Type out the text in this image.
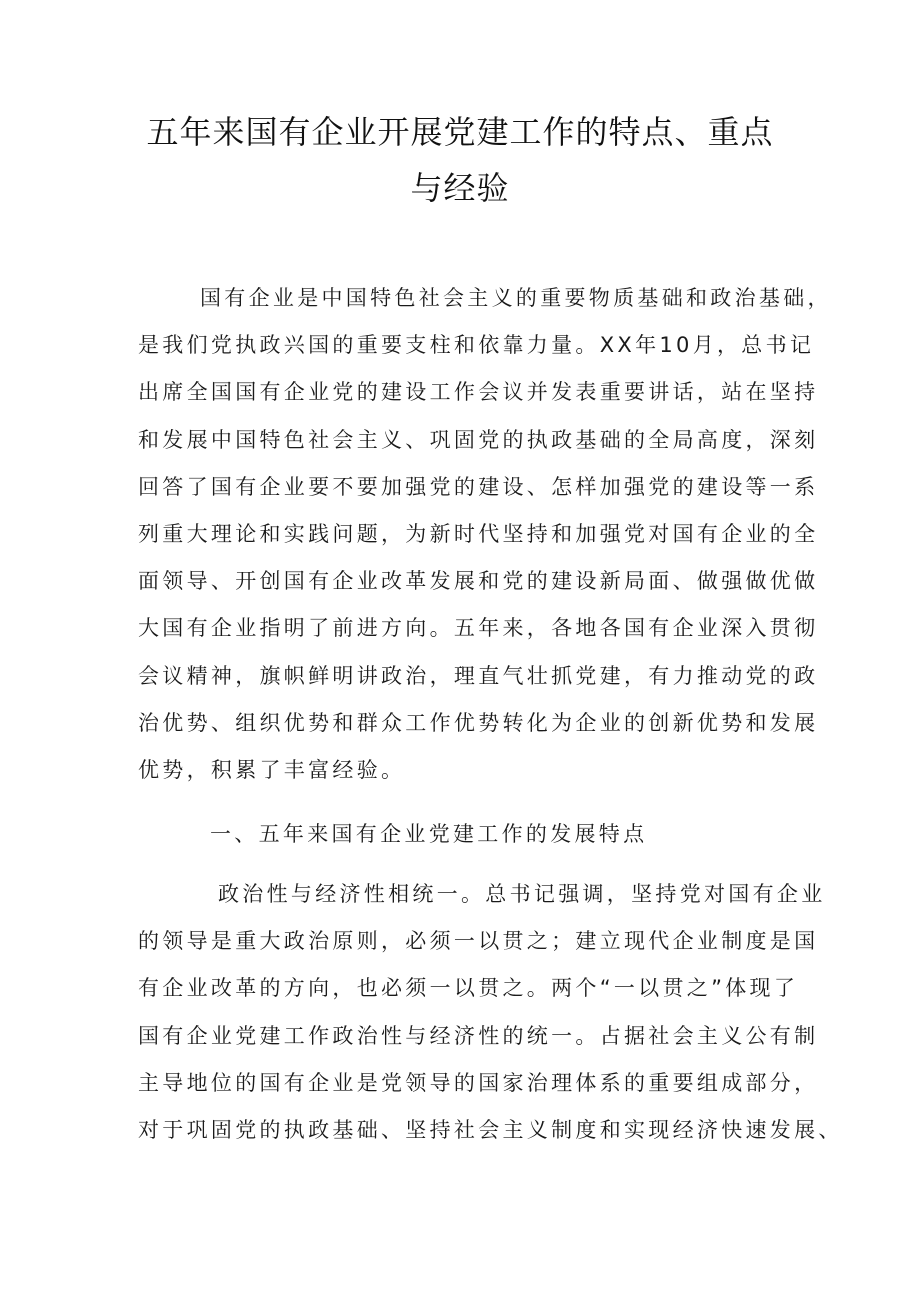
五年来国有企业开展党建工作的特点、重点
与经验
国有企业是中国特色社会主义的重要物质基础和政治基础，
是我们党执政兴国的重要支柱和依靠力量。XX年10月，总书记
出席全国国有企业党的建设工作会议并发表重要讲话，站在坚持
和发展中国特色社会主义、巩固党的执政基础的全局高度，深刻
回答了国有企业要不要加强党的建设、怎样加强党的建设等一系
列重大理论和实践问题，为新时代坚持和加强党对国有企业的全
面领导、开创国有企业改革发展和党的建设新局面、做强做优做
大国有企业指明了前进方向。五年来，各地各国有企业深入贯彻
会议精神，旗帜鲜明讲政治，理直气壮抓党建，有力推动党的政
治优势、组织优势和群众工作优势转化为企业的创新优势和发展
优势，积累了丰富经验。
一、五年来国有企业党建工作的发展特点
政治性与经济性相统一。总书记强调，坚持党对国有企业
的领导是重大政治原则，必须一以贯之；建立现代企业制度是国
有企业改革的方向，也必须一以贯之。两个“一以贯之”体现了
国有企业党建工作政治性与经济性的统一。占据社会主义公有制
主导地位的国有企业是党领导的国家治理体系的重要组成部分，
对于巩固党的执政基础、坚持社会主义制度和实现经济快速发展、
